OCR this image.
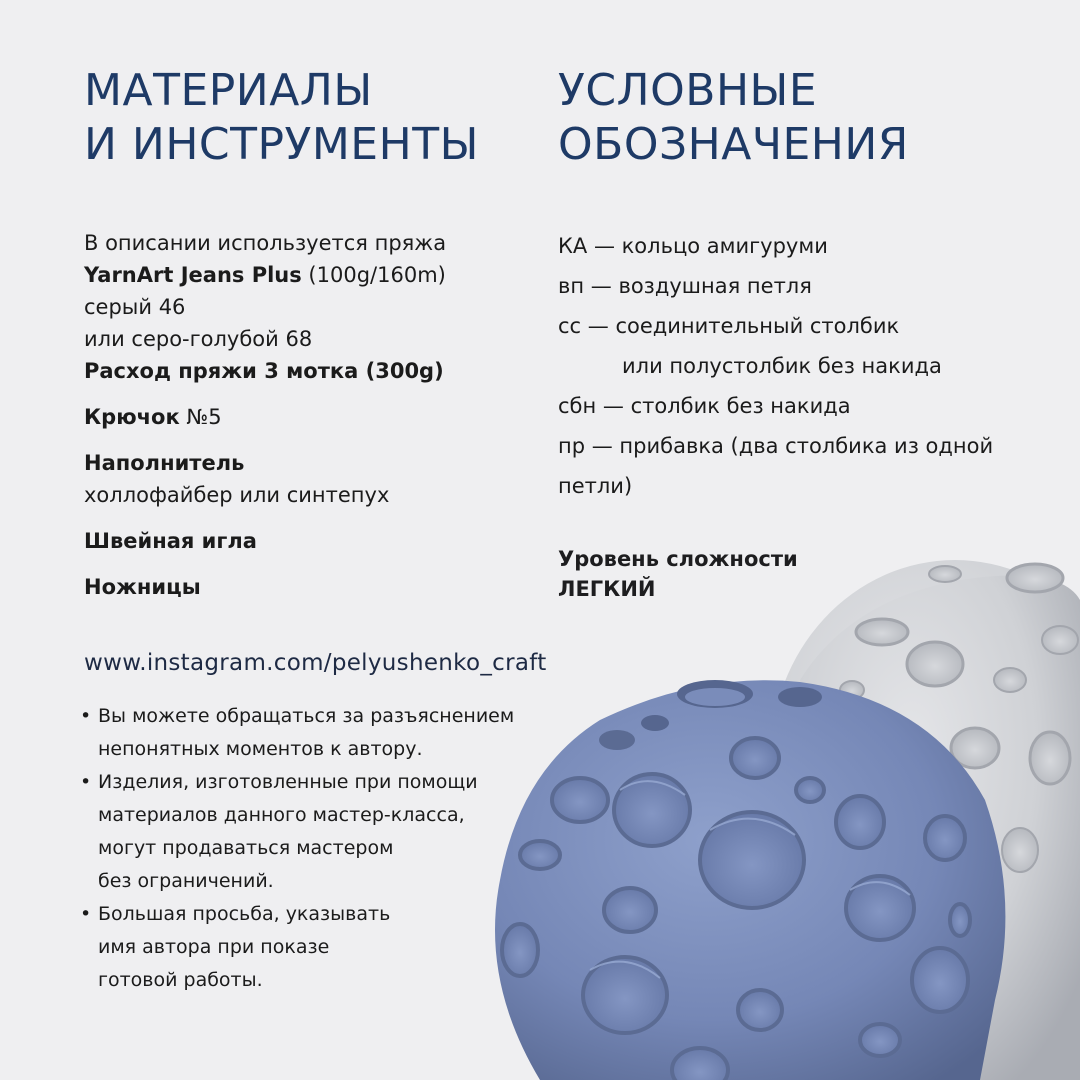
МАТЕРИАЛЫ
И ИНСТРУМЕНТЫ
УСЛОВНЫЕ
ОБОЗНАЧЕНИЯ
В описании используется пряжа
YarnArt Jeans Plus (100g/160m)
серый 46
или серо-голубой 68
Расход пряжи 3 мотка (300g)
Крючок №5
Наполнитель
холлофайбер или синтепух
Швейная игла
Ножницы
КА — кольцо амигуруми
вп — воздушная петля
сс — соединительный столбик
или полустолбик без накида
сбн — столбик без накида
пр — прибавка (два столбика из одной
петли)
Уровень сложности
ЛЕГКИЙ
www.instagram.com/pelyushenko_craft
• Вы можете обращаться за разъяснением
непонятных моментов к автору.
• Изделия, изготовленные при помощи
материалов данного мастер-класса,
могут продаваться мастером
без ограничений.
• Большая просьба, указывать
имя автора при показе
готовой работы.
